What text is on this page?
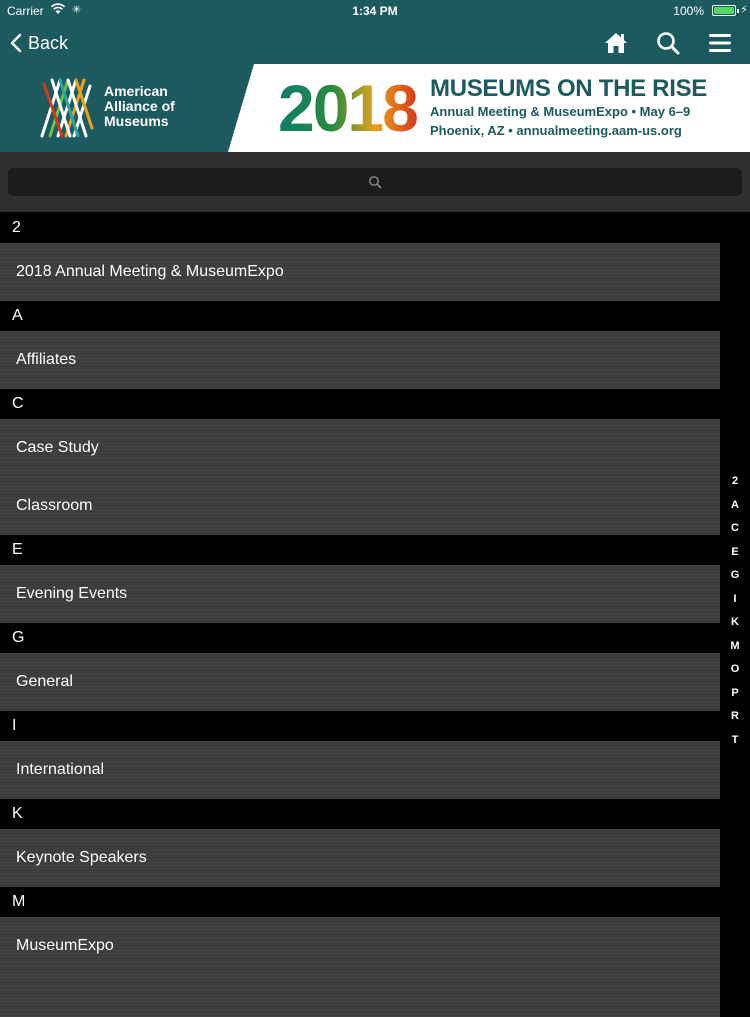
Carrier	✳	1:34 PM	100%	⚡
Back
American
Alliance of
Museums 2018 MUSEUMS ON THE RISE
Annual Meeting & MuseumExpo • May 6–9
Phoenix, AZ • annualmeeting.aam-us.org
2
2018 Annual Meeting & MuseumExpo
A
Affiliates
C
Case Study
Classroom
E
Evening Events
G
General
I
International
K
Keynote Speakers
M
MuseumExpo
2
A
C
E
G
I
K
M
O
P
R
T
